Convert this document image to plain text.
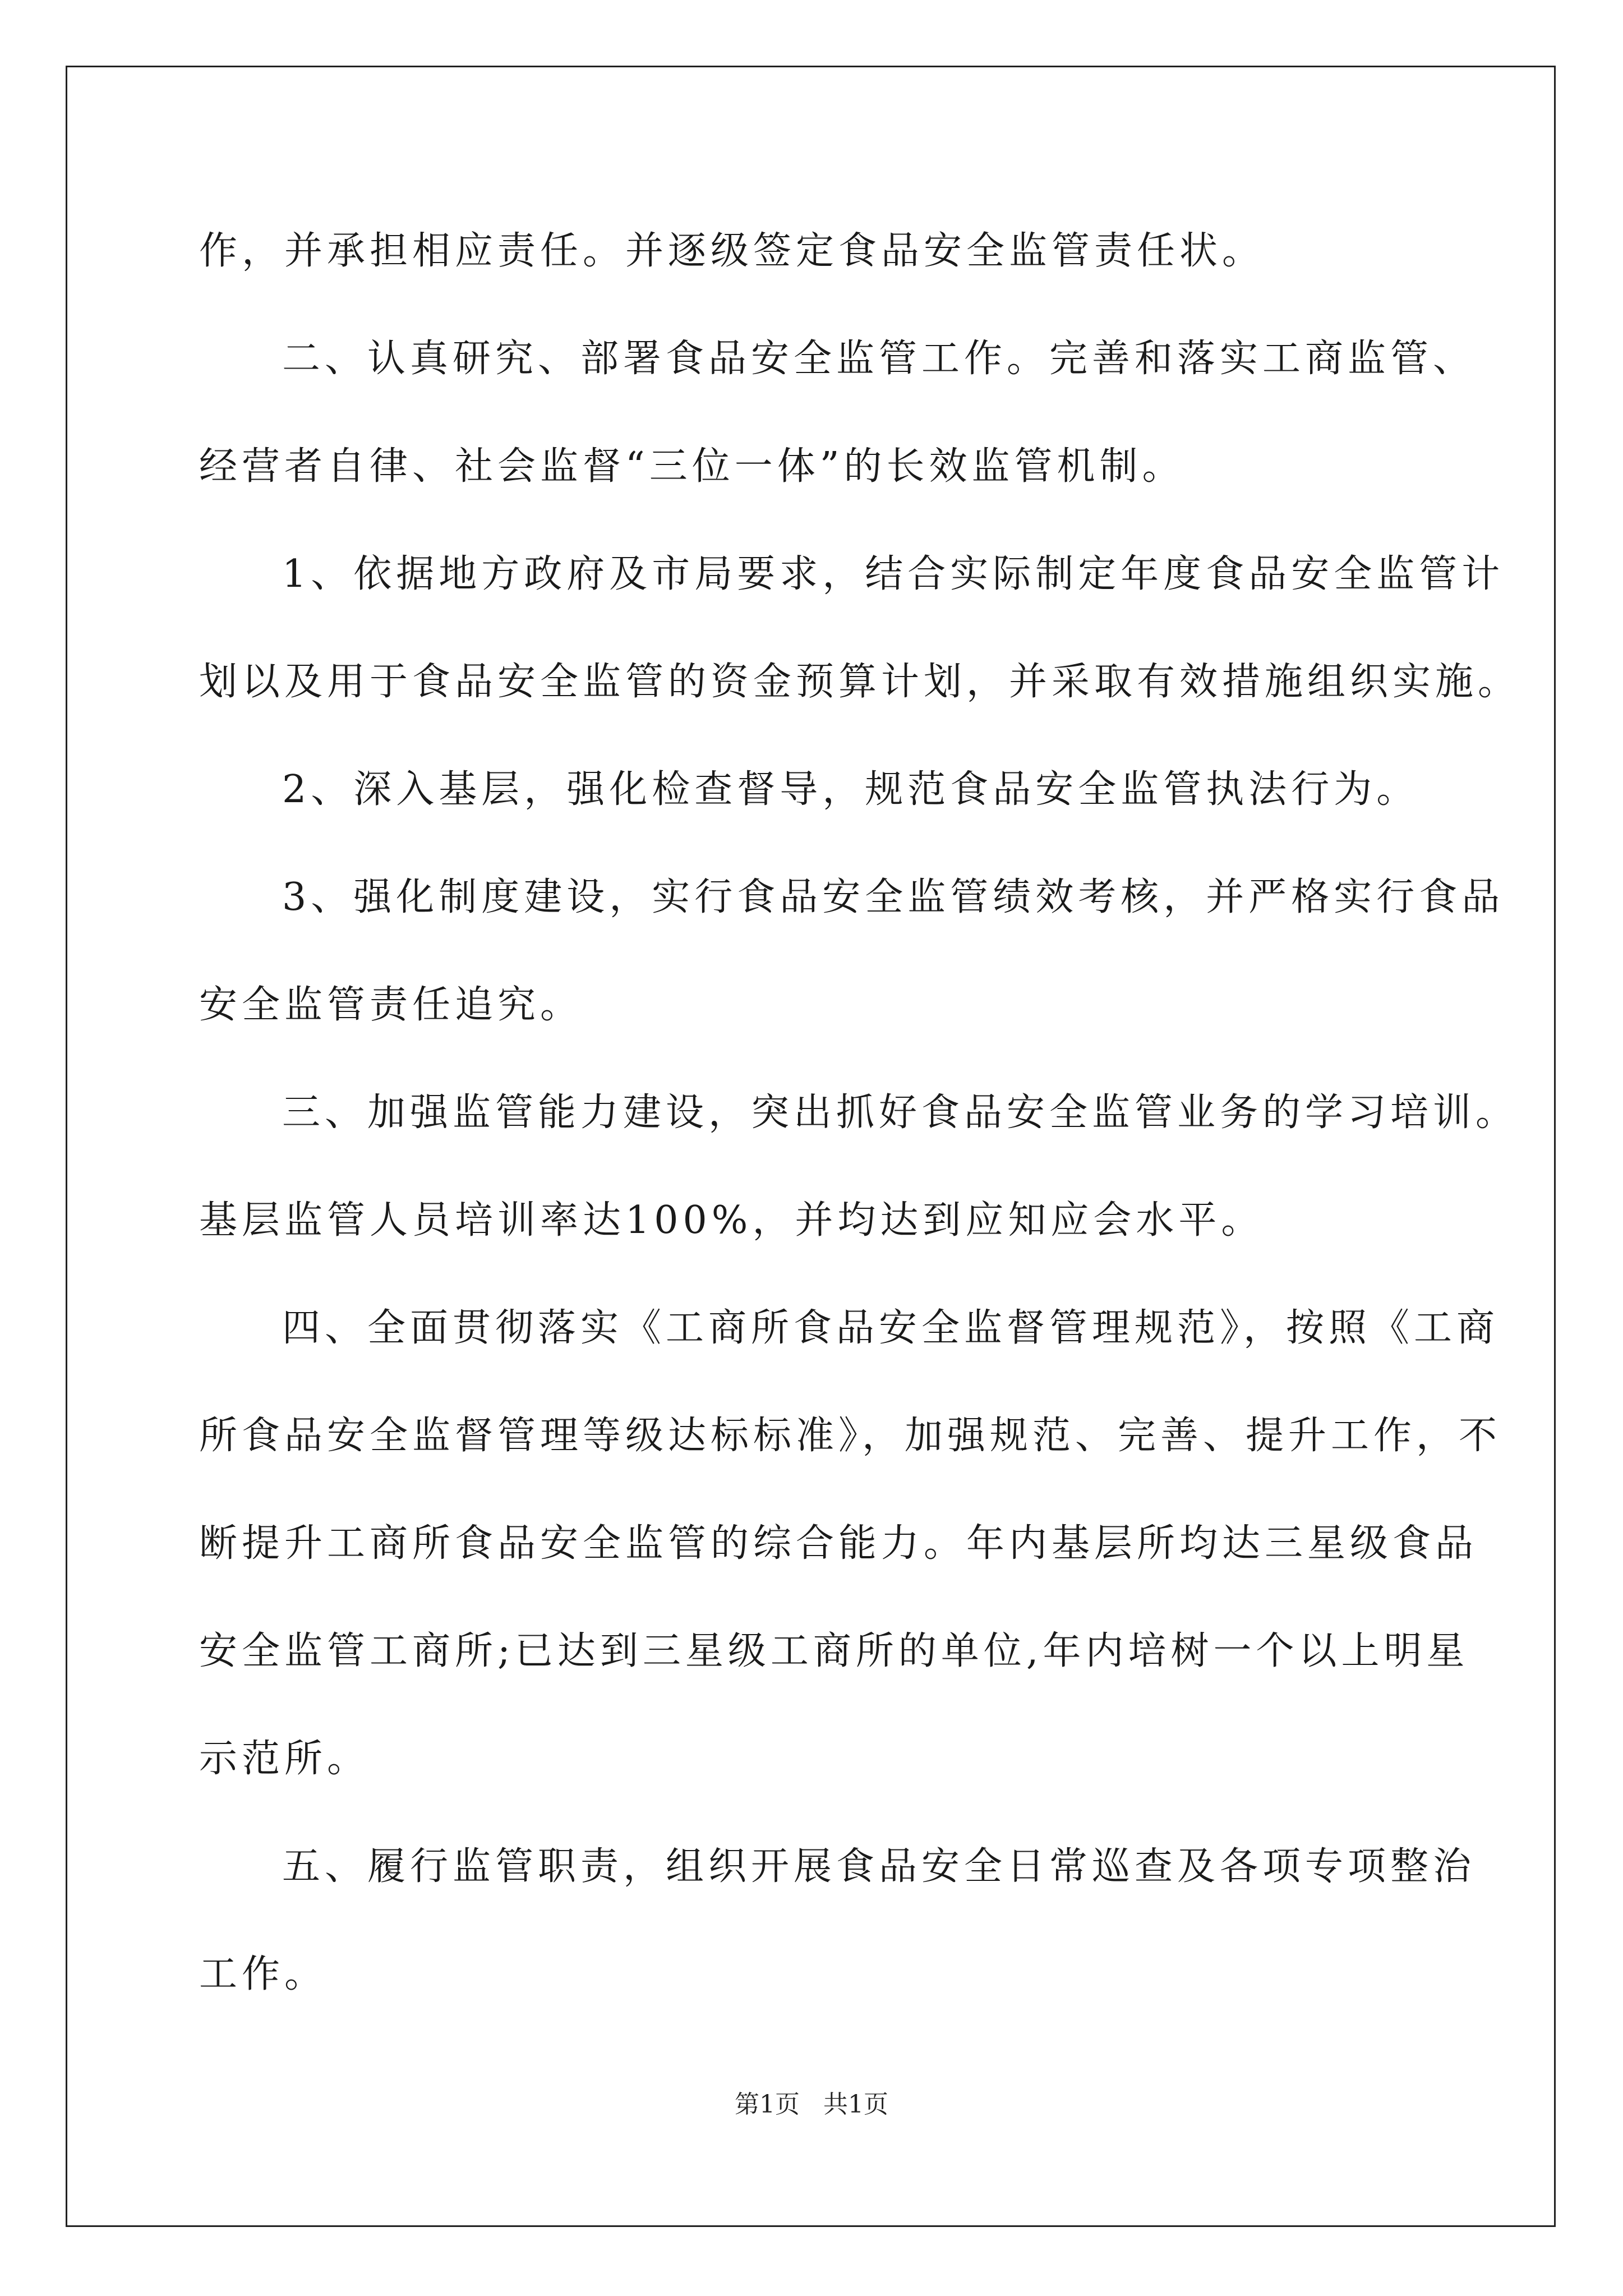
作，并承担相应责任。并逐级签定食品安全监管责任状。
二、认真研究、部署食品安全监管工作。完善和落实工商监管、
经营者自律、社会监督“三位一体”的长效监管机制。
1、依据地方政府及市局要求，结合实际制定年度食品安全监管计
划以及用于食品安全监管的资金预算计划，并采取有效措施组织实施。
2、深入基层，强化检查督导，规范食品安全监管执法行为。
3、强化制度建设，实行食品安全监管绩效考核，并严格实行食品
安全监管责任追究。
三、加强监管能力建设，突出抓好食品安全监管业务的学习培训。
基层监管人员培训率达100%，并均达到应知应会水平。
四、全面贯彻落实《工商所食品安全监督管理规范》，按照《工商
所食品安全监督管理等级达标标准》，加强规范、完善、提升工作，不
断提升工商所食品安全监管的综合能力。年内基层所均达三星级食品
安全监管工商所;已达到三星级工商所的单位,年内培树一个以上明星
示范所。
五、履行监管职责，组织开展食品安全日常巡查及各项专项整治
工作。
第1页 共1页
